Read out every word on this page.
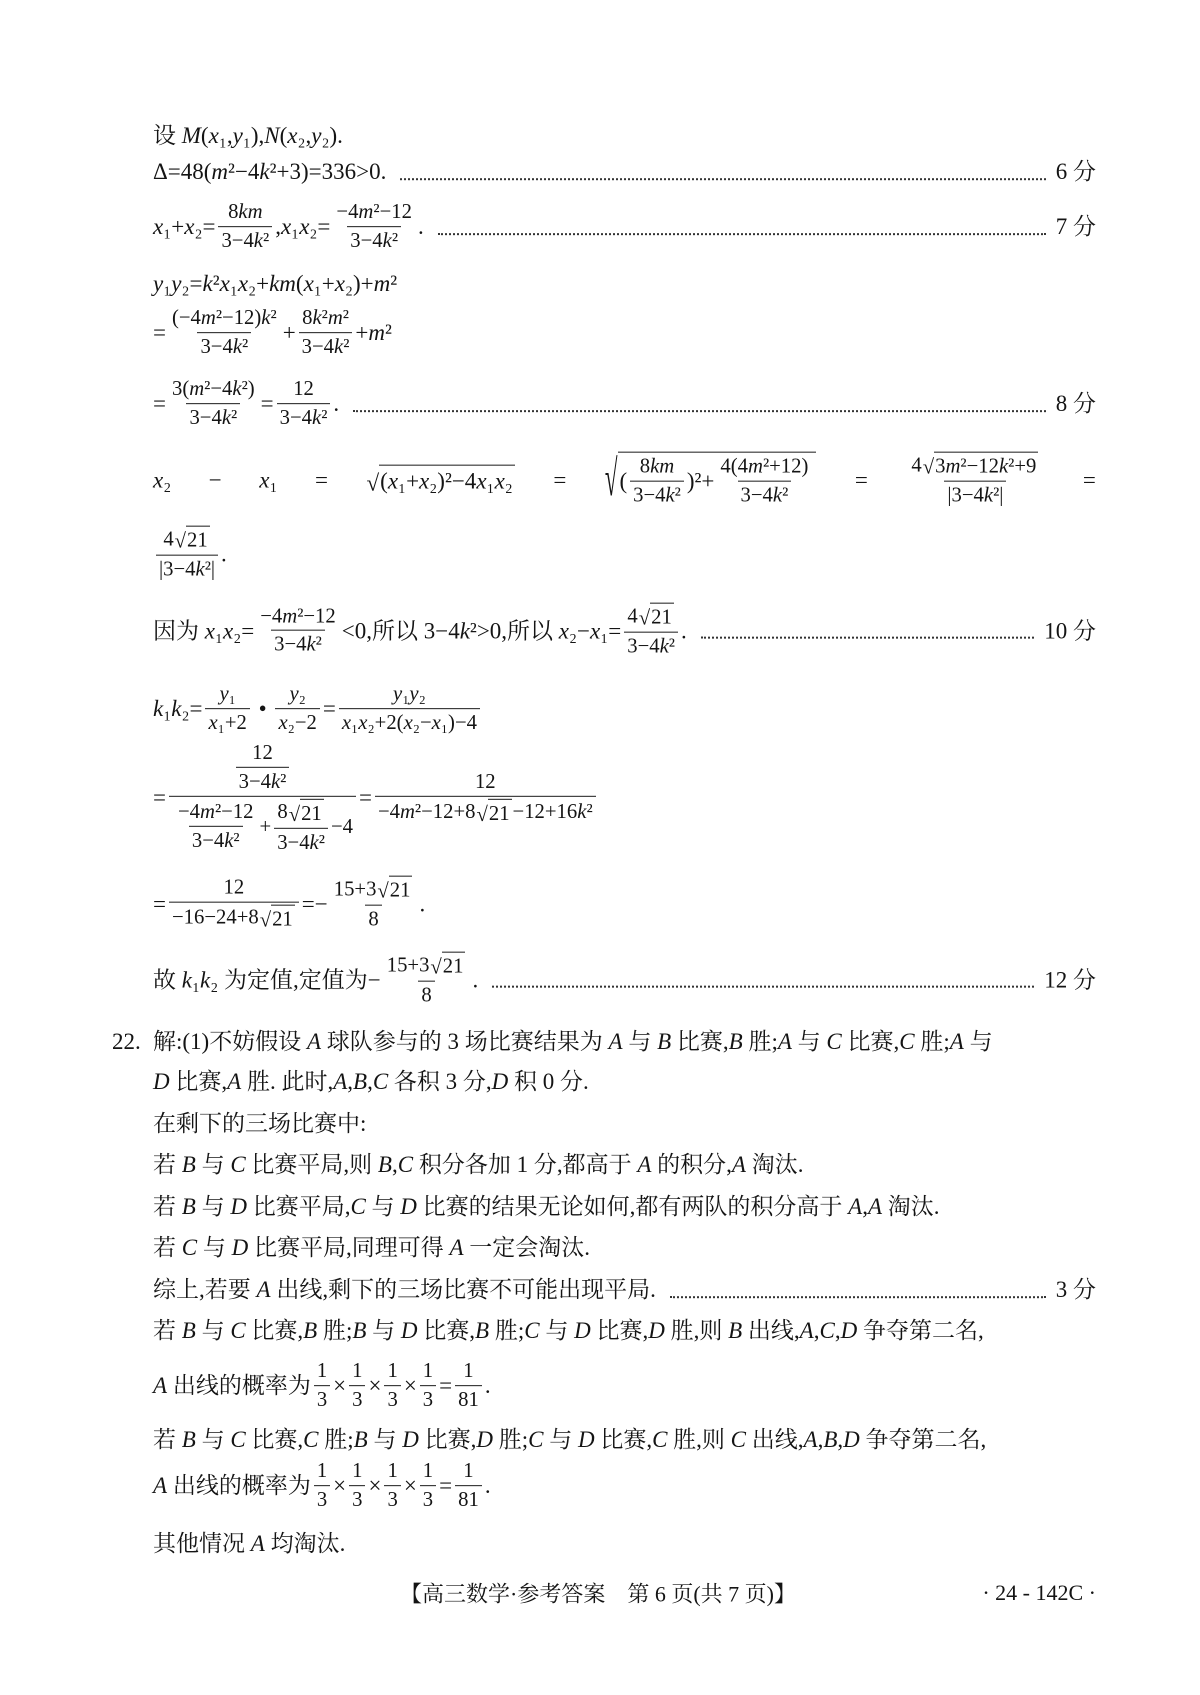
设 M(x₁,y₁),N(x₂,y₂).
Δ=48(m²−4k²+3)=336>0.	6 分
$x_1+x_2= \frac{8km}{\text{3−4k²}} ,x_1x_2= \frac{\text{−4m²−12}}{\text{3−4k²}}$ .	7 分
y₁y₂=k²x₁x₂+km(x₁+x₂)+m²
= $\frac{\text{(−4m²−12)k²}}{\text{3−4k²}} + \frac{\text{8k²m²}}{\text{3−4k²}} +m^2$
= $\frac{\text{3(m²−4k²)}}{\text{3−4k²}} = \frac{12}{\text{3−4k²}}$ .	8 分
x₂ − x₁ = √ (x₁+x₂)²−4x₁x₂ = √ ( $\frac{8km}{\text{3−4k²}} )^2+ \frac{\text{4(4m²+12)}}{\text{3−4k²}} = \frac{\text{4 √ 3m²−12k²+9}}{\text{|3−4k²|}}$ =
$\frac{4 √ 21}{\text{|3−4k²|}}$ .
因为 $x_1x_2= \frac{\text{−4m²−12}}{\text{3−4k²}} <0$,所以 3−4k²>0,所以 $x_2-x_1= \frac{4 √ 21}{\text{3−4k²}}$ .	10 分
$k_1k_2= \frac{\text{y₁}}{\text{x₁+2}}$ • $\frac{\text{y₂}}{\text{x₂−2}} = \frac{\text{y₁y₂}}{\text{x₁x₂+2(x₂−x₁)−4}}$
= $\frac{\frac{12}{\text{3−4k²}}}{\frac{\text{−4m²−12}}{\text{3−4k²}} + \frac{8 √ 21}{\text{3−4k²}} -4} = \frac{12}{\text{−4m²−12+8 √ 21 −12+16k²}}$
= $\frac{12}{-16-24+8 √ 21} =- \frac{15+3 √ 21}{8}$ .
故 k₁k₂ 为定值,定值为− $\frac{15+3 √ 21}{8}$ .	12 分
22. 解:(1)不妨假设 A 球队参与的 3 场比赛结果为 A 与 B 比赛,B 胜;A 与 C 比赛,C 胜;A 与
D 比赛,A 胜. 此时,A,B,C 各积 3 分,D 积 0 分.
在剩下的三场比赛中:
若 B 与 C 比赛平局,则 B,C 积分各加 1 分,都高于 A 的积分,A 淘汰.
若 B 与 D 比赛平局,C 与 D 比赛的结果无论如何,都有两队的积分高于 A,A 淘汰.
若 C 与 D 比赛平局,同理可得 A 一定会淘汰.
综上,若要 A 出线,剩下的三场比赛不可能出现平局.	3 分
若 B 与 C 比赛,B 胜;B 与 D 比赛,B 胜;C 与 D 比赛,D 胜,则 B 出线,A,C,D 争夺第二名,
A 出线的概率为 $\frac{1}{3} \times \frac{1}{3} \times \frac{1}{3} \times \frac{1}{3} = \frac{1}{81}$ .
若 B 与 C 比赛,C 胜;B 与 D 比赛,D 胜;C 与 D 比赛,C 胜,则 C 出线,A,B,D 争夺第二名,
A 出线的概率为 $\frac{1}{3} \times \frac{1}{3} \times \frac{1}{3} \times \frac{1}{3} = \frac{1}{81}$ .
其他情况 A 均淘汰.
【高三数学·参考答案　第 6 页(共 7 页)】	· 24 - 142C ·
